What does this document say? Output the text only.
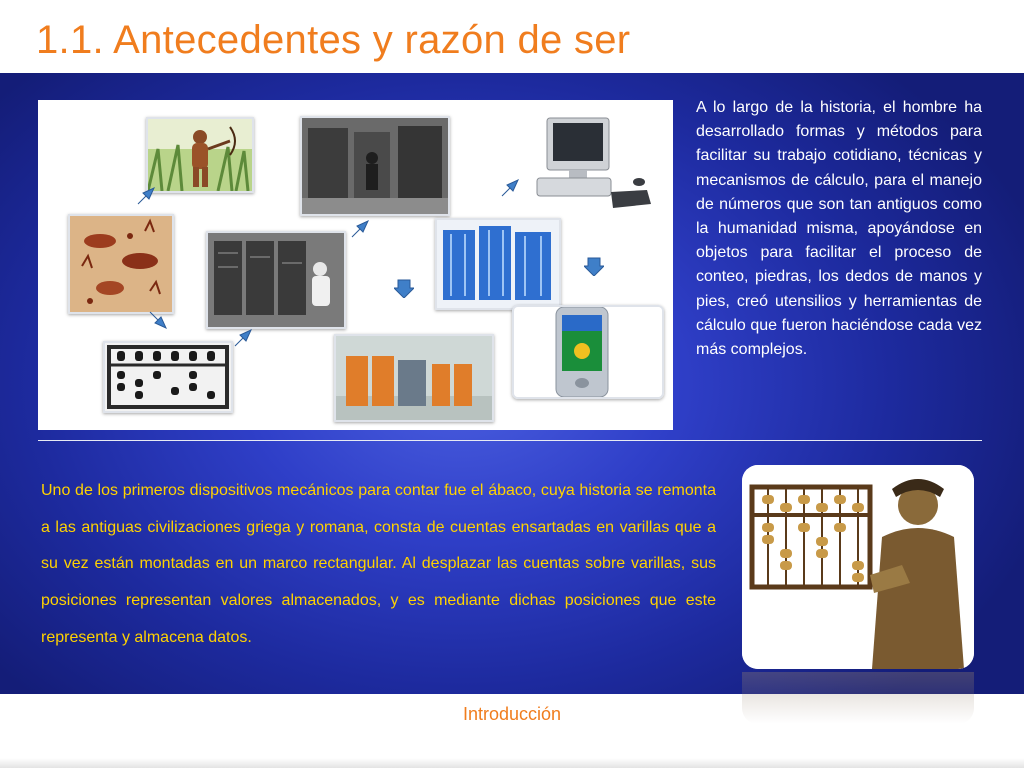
1.1. Antecedentes y razón de ser
A lo largo de la historia, el hombre ha desarrollado formas y métodos para facilitar su trabajo cotidiano, técnicas y mecanismos de cálculo, para el manejo de números que son tan antiguos como la humanidad misma, apoyándose en objetos para facilitar el proceso de conteo, piedras, los dedos de manos y pies, creó utensilios y herramientas de cálculo que fueron haciéndose cada vez más complejos.
Uno de los primeros dispositivos mecánicos para contar fue el ábaco, cuya historia se remonta a las antiguas civilizaciones griega y romana, consta de cuentas ensartadas en varillas que a su vez están montadas en un marco rectangular. Al desplazar las cuentas sobre varillas, sus posiciones representan valores almacenados, y es mediante dichas posiciones que este representa y almacena datos.
Introducción
